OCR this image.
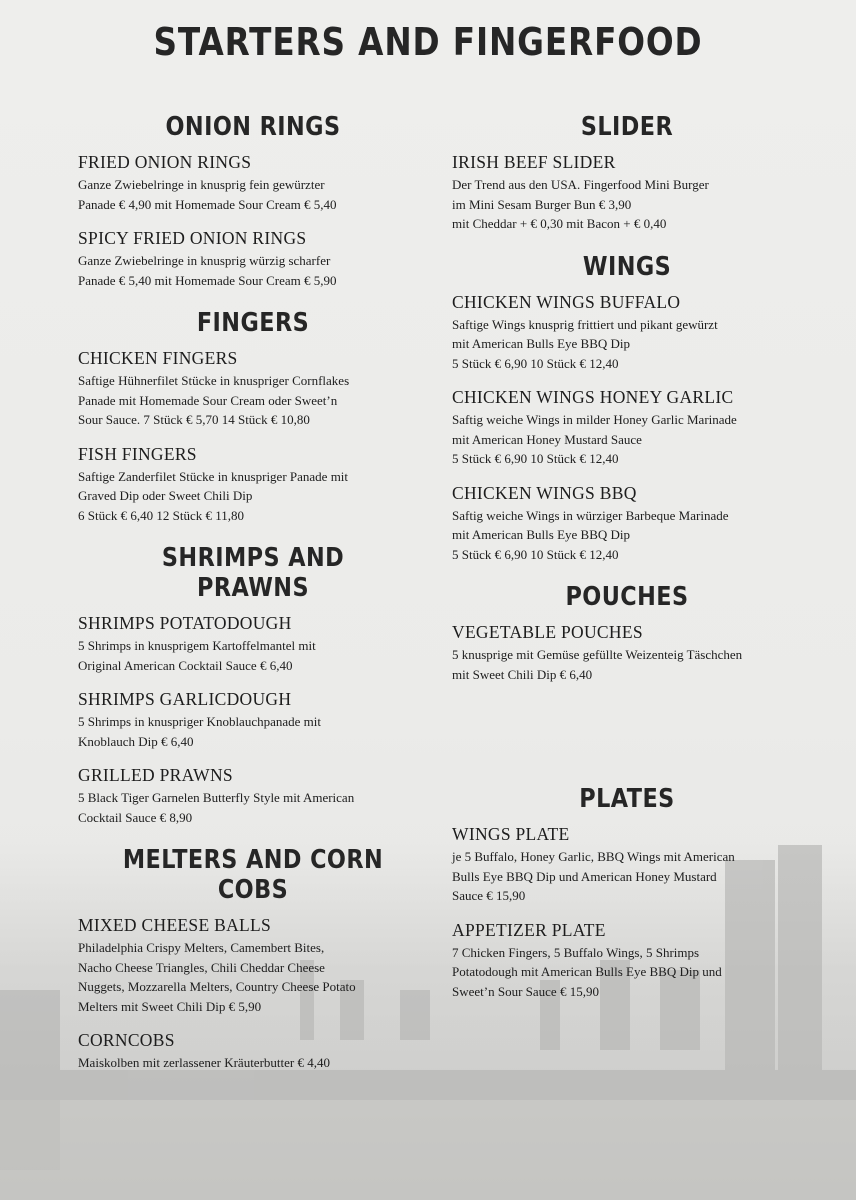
STARTERS AND FINGERFOOD
ONION RINGS
FRIED ONION RINGS
Ganze Zwiebelringe in knusprig fein gewürzter
Panade € 4,90 mit Homemade Sour Cream € 5,40
SPICY FRIED ONION RINGS
Ganze Zwiebelringe in knusprig würzig scharfer
Panade € 5,40 mit Homemade Sour Cream € 5,90
FINGERS
CHICKEN FINGERS
Saftige Hühnerfilet Stücke in knuspriger Cornflakes
Panade mit Homemade Sour Cream oder Sweet’n
Sour Sauce. 7 Stück € 5,70 14 Stück € 10,80
FISH FINGERS
Saftige Zanderfilet Stücke in knuspriger Panade mit
Graved Dip oder Sweet Chili Dip
6 Stück € 6,40 12 Stück € 11,80
SHRIMPS AND PRAWNS
SHRIMPS POTATODOUGH
5 Shrimps in knusprigem Kartoffelmantel mit
Original American Cocktail Sauce € 6,40
SHRIMPS GARLICDOUGH
5 Shrimps in knuspriger Knoblauchpanade mit
Knoblauch Dip € 6,40
GRILLED PRAWNS
5 Black Tiger Garnelen Butterfly Style mit American
Cocktail Sauce € 8,90
MELTERS AND CORN COBS
MIXED CHEESE BALLS
Philadelphia Crispy Melters, Camembert Bites,
Nacho Cheese Triangles, Chili Cheddar Cheese
Nuggets, Mozzarella Melters, Country Cheese Potato
Melters mit Sweet Chili Dip € 5,90
CORNCOBS
Maiskolben mit zerlassener Kräuterbutter € 4,40
SLIDER
IRISH BEEF SLIDER
Der Trend aus den USA. Fingerfood Mini Burger
im Mini Sesam Burger Bun € 3,90
mit Cheddar + € 0,30 mit Bacon + € 0,40
WINGS
CHICKEN WINGS BUFFALO
Saftige Wings knusprig frittiert und pikant gewürzt
mit American Bulls Eye BBQ Dip
5 Stück € 6,90 10 Stück € 12,40
CHICKEN WINGS HONEY GARLIC
Saftig weiche Wings in milder Honey Garlic Marinade
mit American Honey Mustard Sauce
5 Stück € 6,90 10 Stück € 12,40
CHICKEN WINGS BBQ
Saftig weiche Wings in würziger Barbeque Marinade
mit American Bulls Eye BBQ Dip
5 Stück € 6,90 10 Stück € 12,40
POUCHES
VEGETABLE POUCHES
5 knusprige mit Gemüse gefüllte Weizenteig Täschchen
mit Sweet Chili Dip € 6,40
PLATES
WINGS PLATE
je 5 Buffalo, Honey Garlic, BBQ Wings mit American
Bulls Eye BBQ Dip und American Honey Mustard
Sauce € 15,90
APPETIZER PLATE
7 Chicken Fingers, 5 Buffalo Wings, 5 Shrimps
Potatodough mit American Bulls Eye BBQ Dip und
Sweet’n Sour Sauce € 15,90
